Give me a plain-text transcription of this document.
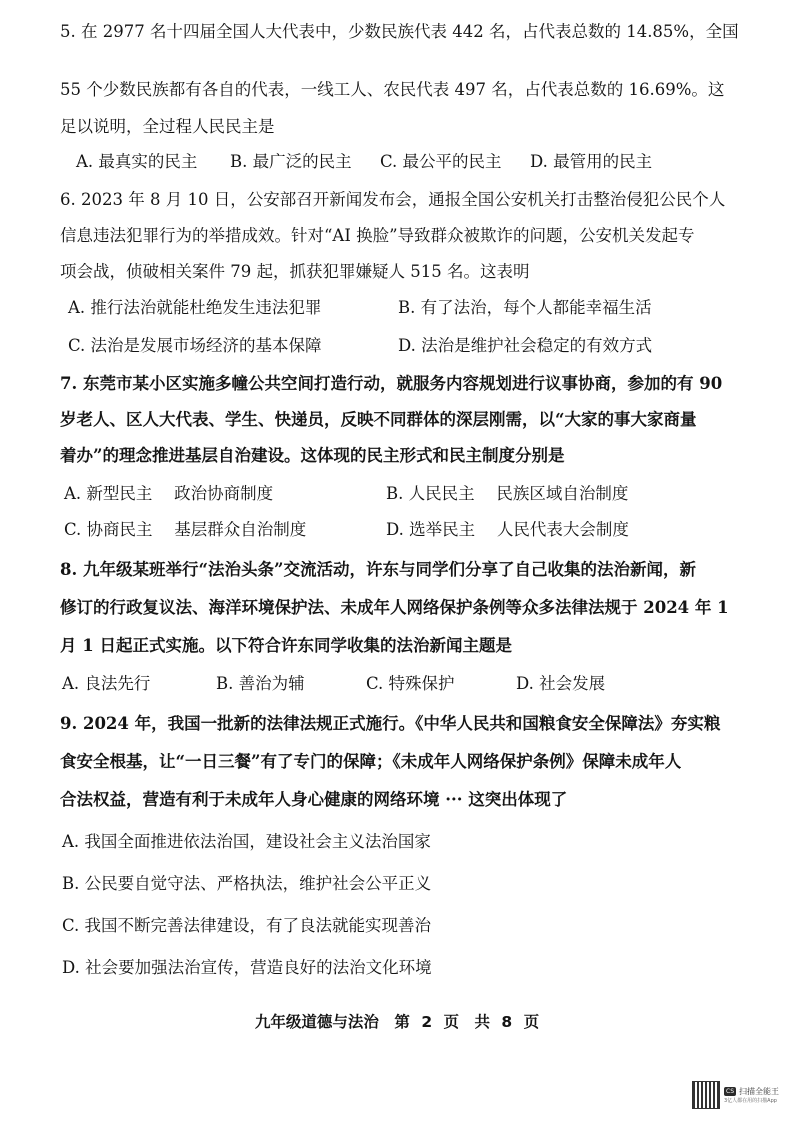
5. 在 2977 名十四届全国人大代表中，少数民族代表 442 名，占代表总数的 14.85%，全国
55 个少数民族都有各自的代表，一线工人、农民代表 497 名，占代表总数的 16.69%。这
足以说明，全过程人民民主是
A. 最真实的民主 B. 最广泛的民主 C. 最公平的民主 D. 最管用的民主
6. 2023 年 8 月 10 日，公安部召开新闻发布会，通报全国公安机关打击整治侵犯公民个人
信息违法犯罪行为的举措成效。针对“AI 换脸”导致群众被欺诈的问题，公安机关发起专
项会战，侦破相关案件 79 起，抓获犯罪嫌疑人 515 名。这表明
A. 推行法治就能杜绝发生违法犯罪	B. 有了法治，每个人都能幸福生活
C. 法治是发展市场经济的基本保障	D. 法治是维护社会稳定的有效方式
7. 东莞市某小区实施多幢公共空间打造行动，就服务内容规划进行议事协商，参加的有 90
岁老人、区人大代表、学生、快递员，反映不同群体的深层刚需，以“大家的事大家商量
着办”的理念推进基层自治建设。这体现的民主形式和民主制度分别是
A. 新型民主　 政治协商制度	B. 人民民主　 民族区域自治制度
C. 协商民主　 基层群众自治制度	D. 选举民主　 人民代表大会制度
8. 九年级某班举行“法治头条”交流活动，许东与同学们分享了自己收集的法治新闻，新
修订的行政复议法、海洋环境保护法、未成年人网络保护条例等众多法律法规于 2024 年 1
月 1 日起正式实施。以下符合许东同学收集的法治新闻主题是
A. 良法先行	B. 善治为辅	C. 特殊保护	D. 社会发展
9. 2024 年，我国一批新的法律法规正式施行。《中华人民共和国粮食安全保障法》夯实粮
食安全根基，让“一日三餐”有了专门的保障；《未成年人网络保护条例》保障未成年人
合法权益，营造有利于未成年人身心健康的网络环境 ··· 这突出体现了
A. 我国全面推进依法治国，建设社会主义法治国家
B. 公民要自觉守法、严格执法，维护社会公平正义
C. 我国不断完善法律建设，有了良法就能实现善治
D. 社会要加强法治宣传，营造良好的法治文化环境
九年级道德与法治　第 2 页　共 8 页
CS 扫描全能王
3亿人都在用的扫描App
